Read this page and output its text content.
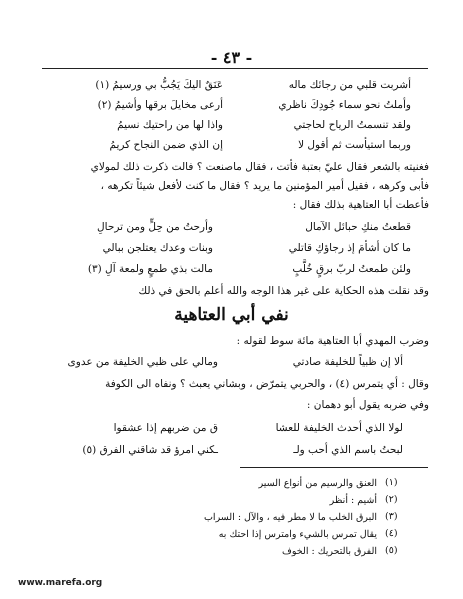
- ٤٣ -
أشربت قلبي من رجائك ماله
عَنَقٌ اليكَ يَجُبُّ بي ورسيمُ (١)
وأملتُ نحو سماء جُودِكَ ناظري
أرعى مخايلَ برقها وأشيمُ (٢)
ولقد تنسمتُ الرياح لحاجتي
واذا لها من راحتيك نسيمُ
وربما استيأست ثم أقول لا
إن الذي ضمن النجاح كريمُ
فغنيته بالشعر فقال عليّ بعتبة فأتت ، فقال ماصنعت ؟ فالت ذكرت ذلك لمولاي
فأبى وكرهه ، فقيل أمير المؤمنين ما يريد ؟ فقال ما كنت لأفعل شيئاً تكرهه ،
فأعطت أبا العتاهية بذلك فقال :
قطعتُ منكِ حبائل الآمال
وأرحتُ من حِلٍّ ومن ترحالِ
ما كان أشأمَ إذ رجاؤكِ قاتلي
وبنات وعدك يعتلجن ببالي
ولئن طمعتُ لربّ برقٍ خُلَّبٍ
مالت بذي طمعٍ ولمعة آلِ (٣)
وقد نقلت هذه الحكاية على غير هذا الوجه والله أعلم بالحق في ذلك
نفي أبي العتاهية
وضرب المهدي أبا العتاهية مائة سوط لقوله :
ألا إن ظبياً للخليفة صادتي
ومالي على ظبي الخليفة من عدوى
وقال : أي يتمرس (٤) ، والحربي يتمرّض ، وبشاني يعبث ؟ ونفاه الى الكوفة
وفي ضربه يقول أبو دهمان :
لولا الذي أحدث الخليفة للعشا
ق من ضربهم إذا عشقوا
لبحتُ باسم الذي أحب ولـ
ـكني امرؤ قد شاقني الفرق (٥)
(١)
العنق والرسيم من أنواع السير
(٢)
أشيم : أنظر
(٣)
البرق الخلب ما لا مطر فيه ، والآل : السراب
(٤)
يقال تمرس بالشيء وامترس إذا احتك به
(٥)
الفرق بالتحريك : الخوف
www.marefa.org
